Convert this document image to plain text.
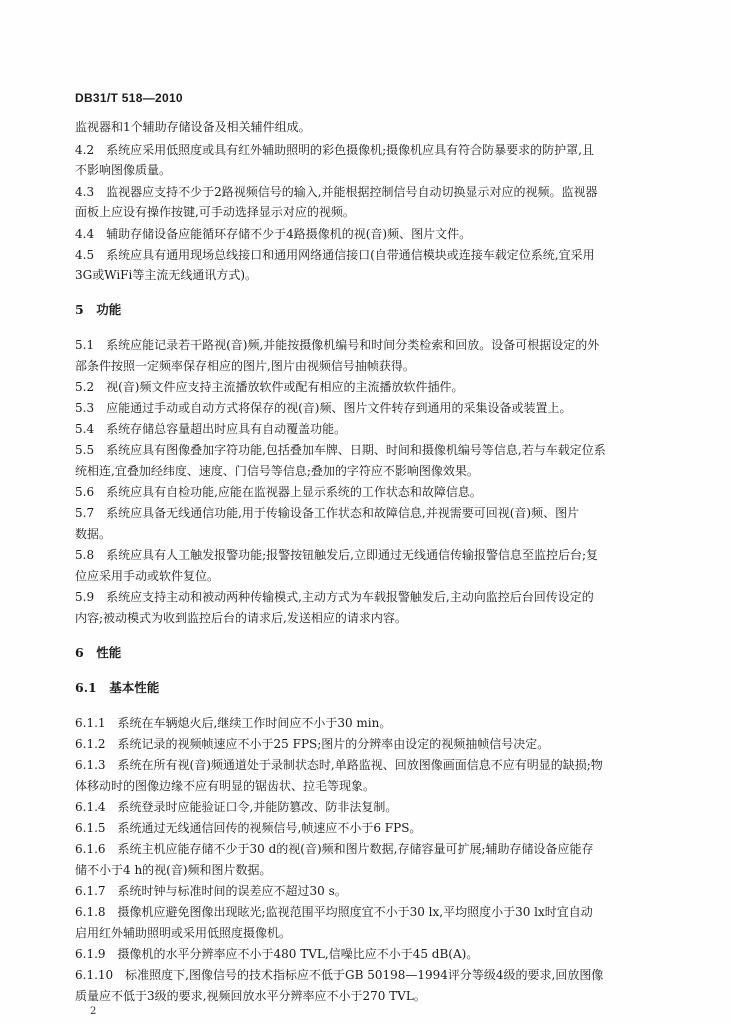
DB31/T 518—2010
监视器和1个辅助存储设备及相关辅件组成。
4.2　系统应采用低照度或具有红外辅助照明的彩色摄像机;摄像机应具有符合防暴要求的防护罩,且
不影响图像质量。
4.3　监视器应支持不少于2路视频信号的输入,并能根据控制信号自动切换显示对应的视频。监视器
面板上应设有操作按键,可手动选择显示对应的视频。
4.4　辅助存储设备应能循环存储不少于4路摄像机的视(音)频、图片文件。
4.5　系统应具有通用现场总线接口和通用网络通信接口(自带通信模块或连接车载定位系统,宜采用
3G或WiFi等主流无线通讯方式)。
5　功能
5.1　系统应能记录若干路视(音)频,并能按摄像机编号和时间分类检索和回放。设备可根据设定的外
部条件按照一定频率保存相应的图片,图片由视频信号抽帧获得。
5.2　视(音)频文件应支持主流播放软件或配有相应的主流播放软件插件。
5.3　应能通过手动或自动方式将保存的视(音)频、图片文件转存到通用的采集设备或装置上。
5.4　系统存储总容量超出时应具有自动覆盖功能。
5.5　系统应具有图像叠加字符功能,包括叠加车牌、日期、时间和摄像机编号等信息,若与车载定位系
统相连,宜叠加经纬度、速度、门信号等信息;叠加的字符应不影响图像效果。
5.6　系统应具有自检功能,应能在监视器上显示系统的工作状态和故障信息。
5.7　系统应具备无线通信功能,用于传输设备工作状态和故障信息,并视需要可回视(音)频、图片
数据。
5.8　系统应具有人工触发报警功能;报警按钮触发后,立即通过无线通信传输报警信息至监控后台;复
位应采用手动或软件复位。
5.9　系统应支持主动和被动两种传输模式,主动方式为车载报警触发后,主动向监控后台回传设定的
内容;被动模式为收到监控后台的请求后,发送相应的请求内容。
6　性能
6.1　基本性能
6.1.1　系统在车辆熄火后,继续工作时间应不小于30 min。
6.1.2　系统记录的视频帧速应不小于25 FPS;图片的分辨率由设定的视频抽帧信号决定。
6.1.3　系统在所有视(音)频通道处于录制状态时,单路监视、回放图像画面信息不应有明显的缺损;物
体移动时的图像边缘不应有明显的锯齿状、拉毛等现象。
6.1.4　系统登录时应能验证口令,并能防篡改、防非法复制。
6.1.5　系统通过无线通信回传的视频信号,帧速应不小于6 FPS。
6.1.6　系统主机应能存储不少于30 d的视(音)频和图片数据,存储容量可扩展;辅助存储设备应能存
储不小于4 h的视(音)频和图片数据。
6.1.7　系统时钟与标准时间的误差应不超过30 s。
6.1.8　摄像机应避免图像出现眩光;监视范围平均照度宜不小于30 lx,平均照度小于30 lx时宜自动
启用红外辅助照明或采用低照度摄像机。
6.1.9　摄像机的水平分辨率应不小于480 TVL,信噪比应不小于45 dB(A)。
6.1.10　标准照度下,图像信号的技术指标应不低于GB 50198—1994评分等级4级的要求,回放图像
质量应不低于3级的要求,视频回放水平分辨率应不小于270 TVL。
2
